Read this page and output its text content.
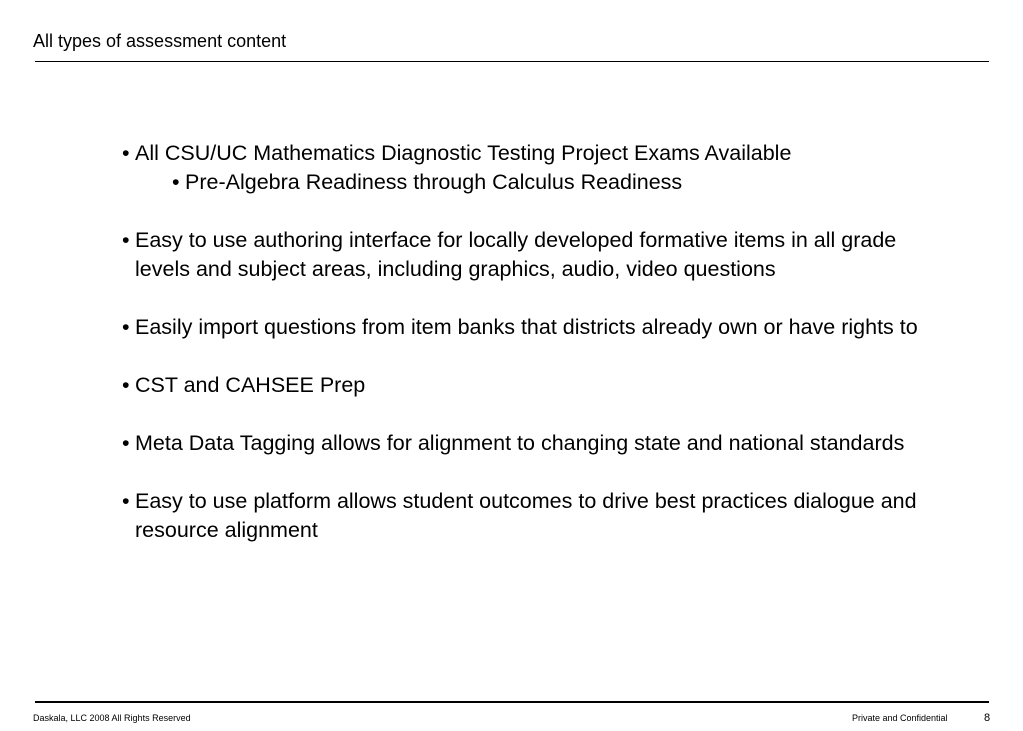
All types of assessment content
• All CSU/UC Mathematics Diagnostic Testing Project Exams Available
• Pre-Algebra Readiness through Calculus Readiness
• Easy to use authoring interface for locally developed formative items in all grade levels and subject areas, including graphics, audio, video questions
• Easily import questions from item banks that districts already own or have rights to
• CST and CAHSEE Prep
• Meta Data Tagging allows for alignment to changing state and national standards
• Easy to use platform allows student outcomes to drive best practices dialogue and resource alignment
Daskala, LLC 2008 All Rights Reserved	Private and Confidential	8
